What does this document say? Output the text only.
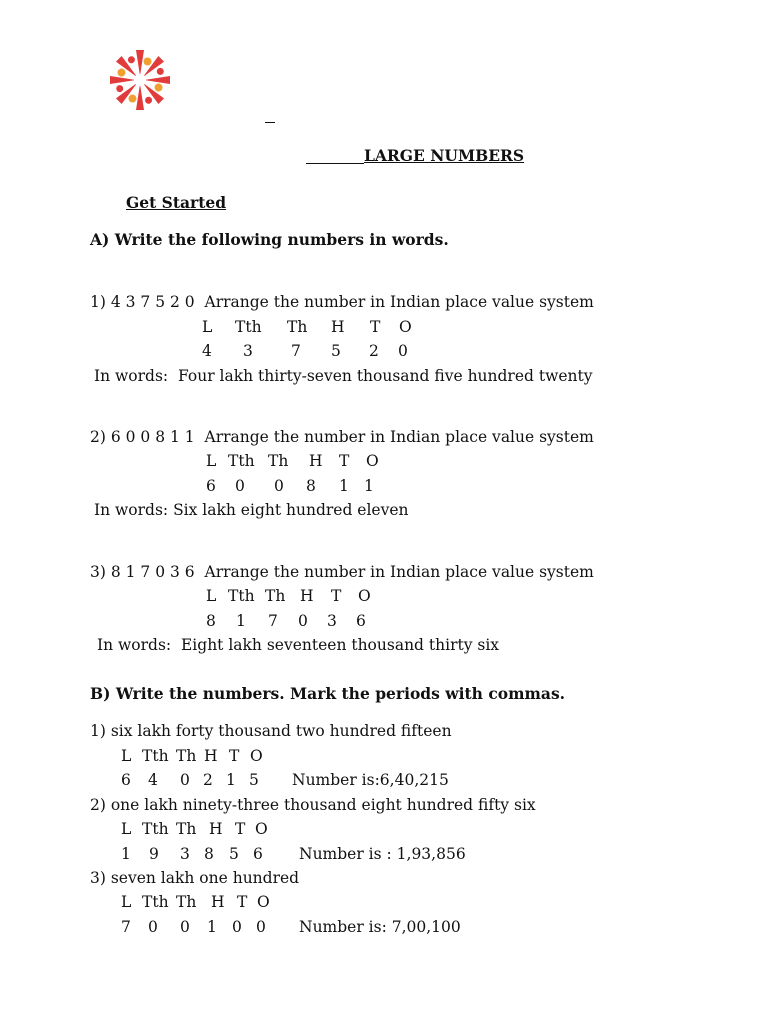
LARGE NUMBERS
Get Started
A) Write the following numbers in words.
1) 4 3 7 5 2 0  Arrange the number in Indian place value system
L Tth Th H T O
4 3 7 5 2 0
In words:  Four lakh thirty-seven thousand five hundred twenty
2) 6 0 0 8 1 1  Arrange the number in Indian place value system
L Tth Th H T O
6 0 0 8 1 1
In words: Six lakh eight hundred eleven
3) 8 1 7 0 3 6  Arrange the number in Indian place value system
L Tth Th H T O
8 1 7 0 3 6
In words:  Eight lakh seventeen thousand thirty six
B) Write the numbers. Mark the periods with commas.
1) six lakh forty thousand two hundred fifteen
L Tth Th H T O
6 4 0 2 1 5 Number is:6,40,215
2) one lakh ninety-three thousand eight hundred fifty six
L Tth Th H T O
1 9 3 8 5 6 Number is : 1,93,856
3) seven lakh one hundred
L Tth Th H T O
7 0 0 1 0 0 Number is: 7,00,100
